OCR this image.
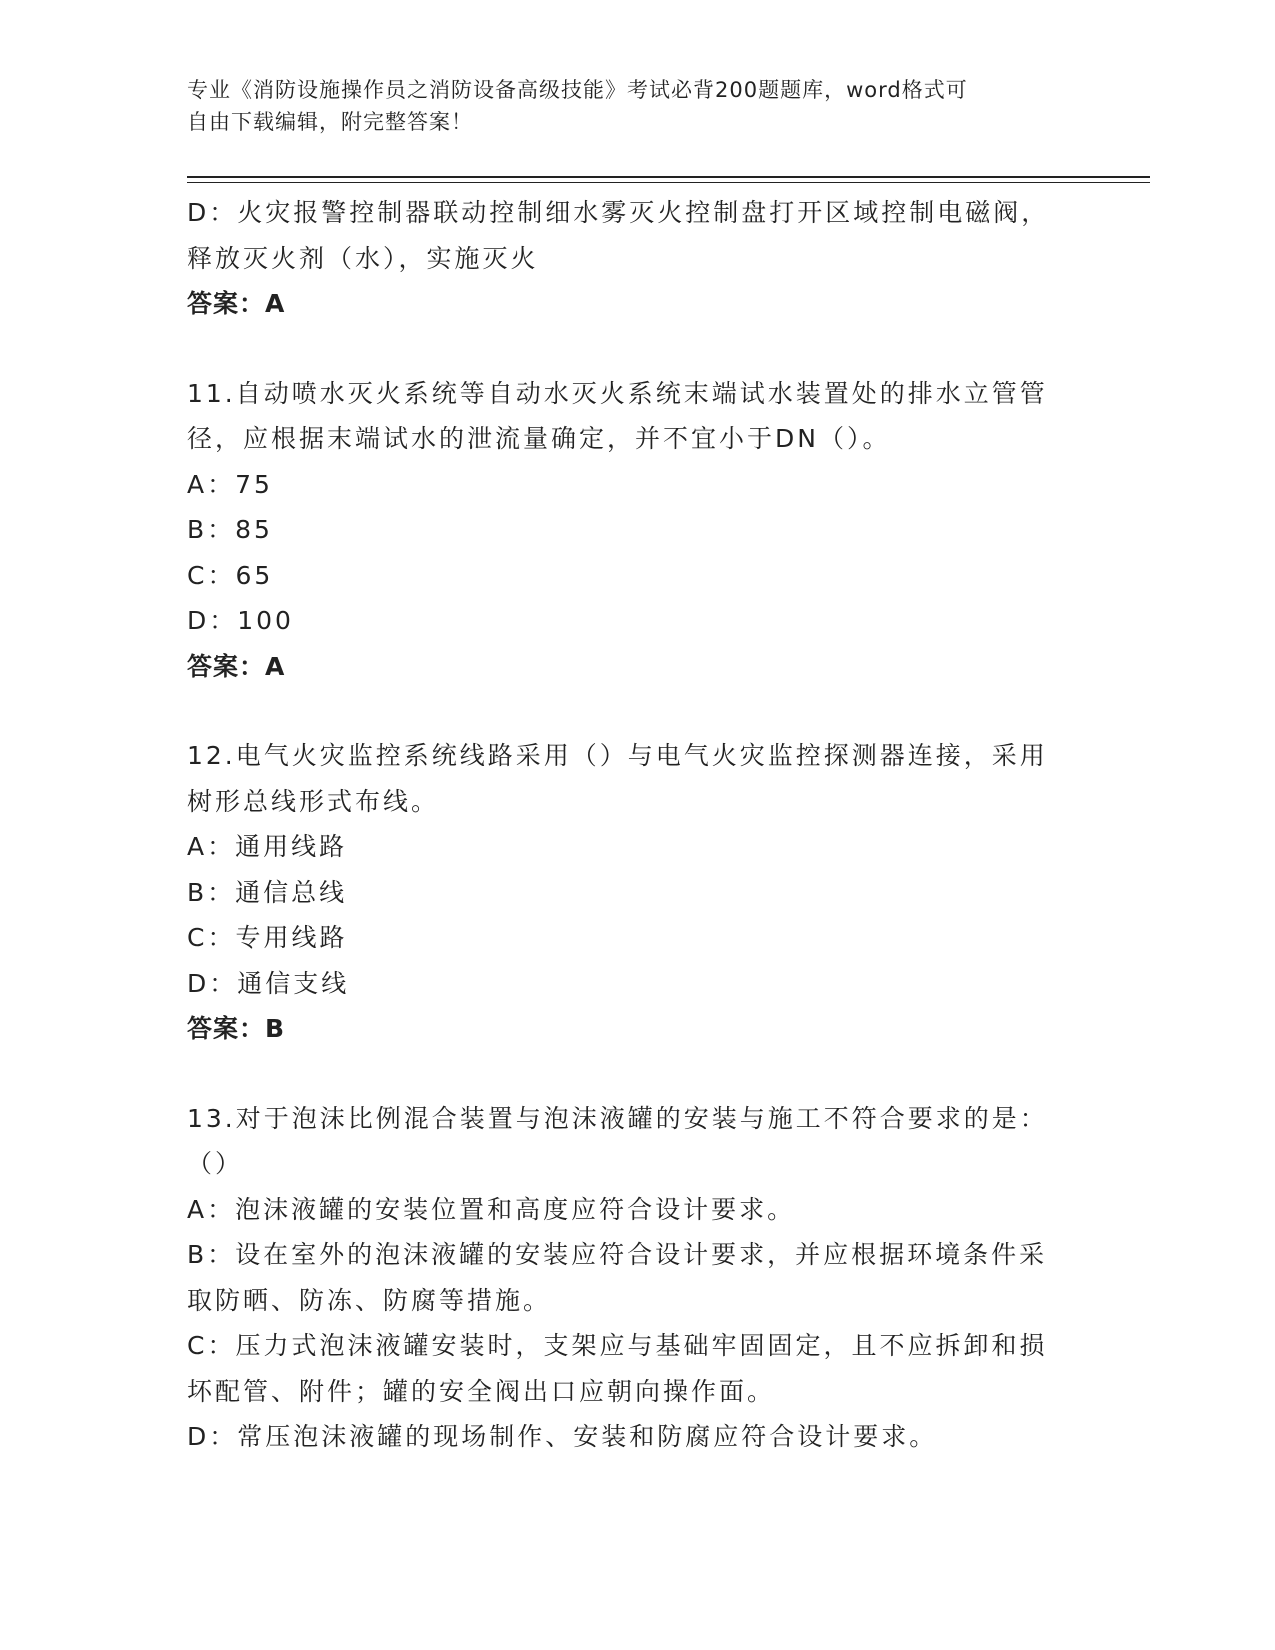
专业《消防设施操作员之消防设备高级技能》考试必背200题题库，word格式可
自由下载编辑，附完整答案！
D：火灾报警控制器联动控制细水雾灭火控制盘打开区域控制电磁阀，
释放灭火剂（水），实施灭火
答案：A
11.自动喷水灭火系统等自动水灭火系统末端试水装置处的排水立管管
径，应根据末端试水的泄流量确定，并不宜小于DN（）。
A：75
B：85
C：65
D：100
答案：A
12.电气火灾监控系统线路采用（）与电气火灾监控探测器连接，采用
树形总线形式布线。
A：通用线路
B：通信总线
C：专用线路
D：通信支线
答案：B
13.对于泡沫比例混合装置与泡沫液罐的安装与施工不符合要求的是：
（）
A：泡沫液罐的安装位置和高度应符合设计要求。
B：设在室外的泡沫液罐的安装应符合设计要求，并应根据环境条件采
取防晒、防冻、防腐等措施。
C：压力式泡沫液罐安装时，支架应与基础牢固固定，且不应拆卸和损
坏配管、附件；罐的安全阀出口应朝向操作面。
D：常压泡沫液罐的现场制作、安装和防腐应符合设计要求。
